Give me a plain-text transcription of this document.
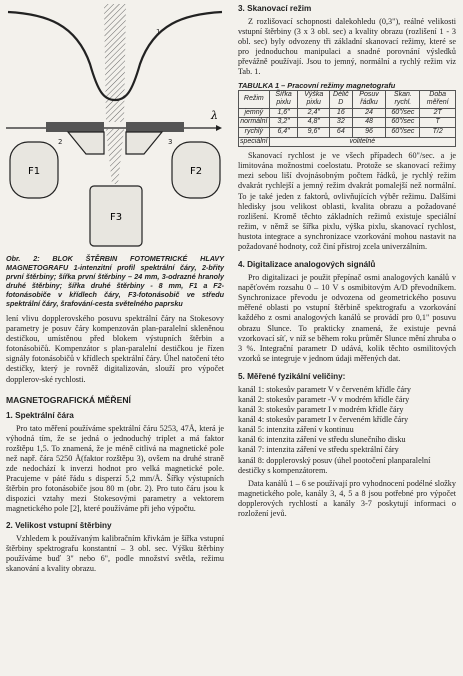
λ
2	3
1
F1	F2
F3

Obr. 2: BLOK ŠTĚRBIN FOTOMETRICKÉ HLAVY MAGNETOGRAFU 1-intenzitní profil spektrální čáry, 2-břity první štěrbiny; šířka první štěrbiny – 24 mm, 3-odrazné hranoly druhé štěrbiny; šířka druhé štěrbiny - 8 mm, F1 a F2-fotonásobiče v křídlech čáry, F3-fotonásobič ve středu spektrální čáry, šrafování-cesta světelného paprsku

lení vlivu dopplerovského posuvu spektrální čáry na Stokesovy parametry je posuv čáry kompenzován plan-paralelní skleněnou destičkou, umístěnou před blokem výstupních štěrbin a fotonásobičů. Kompenzátor s plan-paralelní destičkou je řízen signály fotonásobičů v křídlech spektrální čáry. Úhel natočení této destičky, který je rovněž digitalizován, slouží pro výpočet dopplerov-ské rychlosti.

MAGNETOGRAFICKÁ MĚŘENÍ
1. Spektrální čára

Pro tato měření používáme spektrální čáru 5253, 47Å, která je výhodná tím, že se jedná o jednoduchý triplet a má faktor rozštěpu 1,5. To znamená, že je méně citlivá na magnetické pole než např. čára 5250 Å(faktor rozštěpu 3), ovšem na druhé straně zde nedochází k inverzi hodnot pro velká magnetické pole. Pracujeme v páté řádu s disperzí 5,2 mm/Å. Šířky výstupních štěrbin pro fotonásobiče jsou 80 m (obr. 2). Pro tuto čáru jsou k dispozici vztahy mezi Stokesovými parametry a vektorem magnetického pole [2], které používáme při jeho výpočtu.

2. Velikost vstupní štěrbiny

Vzhledem k používaným kalibračním křivkám je šířka vstupní štěrbiny spektrografu konstantní – 3 obl. sec. Výšku štěrbiny používáme buď 3" nebo 6", podle množství světla, režimu skanování a kvality obrazu.

3. Skanovací režim

Z rozlišovací schopnosti dalekohledu (0,3"), reálné velikosti vstupní štěrbiny (3 x 3 obl. sec) a kvality obrazu (rozlišení 1 - 3 obl. sec) byly odvozeny tři základní skanovací režimy, které se pro jednoduchou manipulaci a snadné porovnání výsledků převážně používají. Jsou to jemný, normální a rychlý režim viz Tab. 1.

TABULKA 1 – Pracovní režimy magnetografu

Režim	Šířka pixlu	Výška pixlu	Délič D	Posuv řádku	Skan. rychl.	Doba měření
jemný	1,6"	2,4"	16	24	60"/sec	2T
normální	3,2"	4,8"	32	48	60"/sec	T
rychlý	6,4"	9,6"	64	96	60"/sec	T/2
speciální	volitelné					

Skanovací rychlost je ve všech případech 60"/sec. a je limitována možnostmi coelostatu. Protože se skanovací režimy mezi sebou liší dvojnásobným počtem řádků, je rychlý režim dvakrát rychlejší a jemný režim dvakrát pomalejší než normální. To je také jeden z faktorů, ovlivňujících výběr režimu. Dalšími hledisky jsou velikost oblasti, kvalita obrazu a požadované rozlišení. Kromě těchto základních režimů existuje speciální režim, v němž se šířka pixlu, výška pixlu, skanovací rychlost, hustota integrace a synchronizace vzorkování mohou nastavit na požadované hodnoty, což činí přístroj zcela univerzálním.

4. Digitalizace analogových signálů

Pro digitalizaci je použit přepínač osmi analogových kanálů v napěťovém rozsahu 0 – 10 V s osmibitovým A/D převodníkem. Synchronizace převodu je odvozena od geometrického posuvu měřené oblasti po vstupní štěrbině spektrografu a vzorkování každého z osmi analogových kanálů se provádí pro 0,1" posuvu obrazu Slunce. To prakticky znamená, že existuje pevná vzorkovací síť, v níž se během roku průměr Slunce mění zhruba o 3 %. Integrační parametr D udává, kolik těchto osmilitových vzorků se integruje v jednom údaji měřených dat.

5. Měřené fyzikální veličiny:

kanál 1: stokesův parametr V v červeném křídle čáry

kanál 2: stokesův parametr -V v modrém křídle čáry

kanál 3: stokesův parametr I v modrém křídle čáry

kanál 4: stokesův parametr I v červeném křídle čáry

kanál 5: intenzita záření v kontinuu

kanál 6: intenzita záření ve středu slunečního disku

kanál 7: intenzita záření ve středu spektrální čáry

kanál 8: dopplerovský posuv (úhel pootočení planparalelní destičky s kompenzátorem.

Data kanálů 1 – 6 se používají pro vyhodnocení podélné složky magnetického pole, kanály 3, 4, 5 a 8 jsou potřebné pro výpočet dopplerových rychlostí a kanály 3-7 poskytují informaci o rozložení jevů.
